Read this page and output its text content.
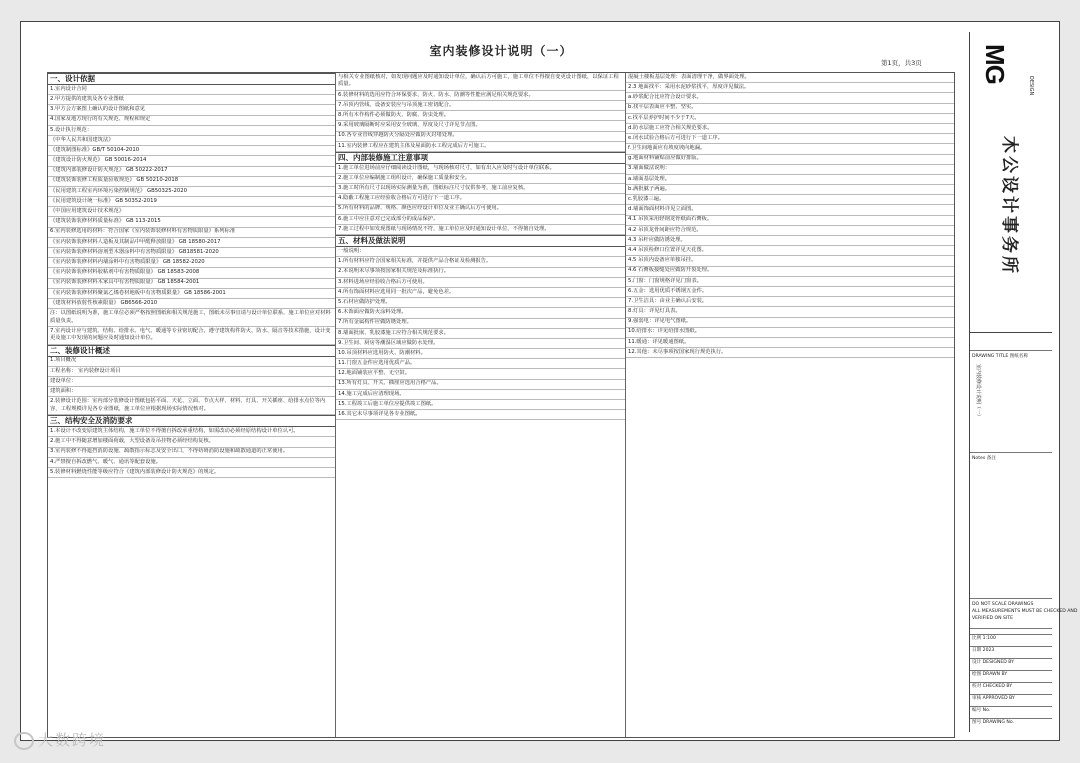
室内装修设计说明（一）
第1页，共3页
一、设计依据
1.室内设计合同
2.甲方提供的建筑及各专业图纸
3.甲方会方案图上确认的设计图纸和意见
4.国家及地方现行的有关规范、规程和规定
5.设计执行规范：
《中华人民共和国建筑法》
《建筑制图标准》GB/T 50104-2010
《建筑设计防火规范》 GB 50016-2014
《建筑内部装修设计防火规范》 GB 50222-2017
《建筑装饰装修工程质量验收规范》 GB 50210-2018
《民用建筑工程室内环境污染控制规范》 GB50325-2020
《民用建筑设计统一标准》 GB 50352-2019
《中国应用建筑设计技术规范》
《建筑装饰装修材料质量标准》 GB 113-2015
6.室内装修选用的材料：符合国家《室内装饰装修材料有害物质限量》系列标准
《室内装饰装修材料人造板及其制品中甲醛释放限量》 GB 18580-2017
《室内装饰装修材料溶剂型木器涂料中有害物质限量》 GB18581-2020
《室内装饰装修材料内墙涂料中有害物质限量》 GB 18582-2020
《室内装饰装修材料胶粘剂中有害物质限量》 GB 18583-2008
《室内装饰装修材料木家具中有害物质限量》 GB 18584-2001
《室内装饰装修材料聚氯乙烯卷材地板中有害物质限量》 GB 18586-2001
《建筑材料放射性核素限量》 GB6566-2010
注：以图纸说明为准，施工单位必须严格按照图纸和相关规范施工，图纸未尽事宜请与设计单位联系，施工单位应对材料质量负责。
7.室内设计应与建筑、结构、给排水、电气、暖通等专业密切配合，遵守建筑构件防火、防水、隔音等技术措施，设计变更及施工中发现的问题应及时通知设计单位。
二、装修设计概述
1.项目概况
工程名称： 室内装修设计项目
建设单位：
建筑面积：
2.装修设计范围：室内部分装修设计图纸包括平面、天花、立面、节点大样、材料、灯具、开关插座、给排水点位等内容，工程规模详见各专业图纸，施工单位应根据现场实际情况核对。
三、结构安全及消防要求
1.本设计不改变原建筑主体结构，施工单位不得擅自拆改承重结构，如需改动必须经原结构设计单位认可。
2.施工中不得随意增加楼面荷载，大型设备及吊挂物必须经结构复核。
3.室内装修不得遮挡消防设施、疏散指示标志及安全出口，不得妨碍消防设施和疏散通道的正常使用。
4.严禁擅自拆改燃气、暖气、通讯等配套设施。
5.装修材料燃烧性能等级应符合《建筑内部装修设计防火规范》的规定。
与相关专业图纸核对，如发现问题应及时通知设计单位，确认后方可施工，施工单位不得擅自变更设计图纸，以保证工程质量。
6.装修材料的选用应符合环保要求，防火、防水、防潮等性能应满足相关规范要求。
7.吊顶内管线、设备安装应与吊顶施工密切配合。
8.所有木作构件必须做防火、防腐、防虫处理。
9.采用玻璃隔断时应采用安全玻璃，厚度及尺寸详见节点图。
10.各专业管线穿越防火分隔处应做防火封堵处理。
11.室内装修工程应在建筑主体及屋面防水工程完成后方可施工。
四、内部装修施工注意事项
1.施工单位进场前应仔细阅读设计图纸，与现场核对尺寸，如有出入应及时与设计单位联系。
2.施工单位应编制施工组织设计，确保施工质量和安全。
3.施工时所有尺寸以现场实际测量为准，图纸标注尺寸仅供参考，施工前应复核。
4.隐蔽工程施工应经验收合格后方可进行下一道工序。
5.所有材料的品牌、规格、颜色应经设计单位及业主确认后方可使用。
6.施工中应注意对已完成部分的成品保护。
7.施工过程中如发现图纸与现场情况不符，施工单位应及时通知设计单位，不得擅自处理。
五、材料及做法说明
一般说明：
1.所有材料应符合国家相关标准，并提供产品合格证及检测报告。
2.本说明未尽事项按国家相关规范及标准执行。
3.材料进场应经验收合格后方可使用。
4.所有饰面材料应选用同一批次产品，避免色差。
5.石材应做防护处理。
6.木饰面应做防火涂料处理。
7.所有金属构件应做防锈处理。
8.墙面批嵌、乳胶漆施工应符合相关规范要求。
9.卫生间、厨房等潮湿区域应做防水处理。
10.吊顶材料应选用防火、防潮材料。
11.门窗五金件应选用优质产品。
12.地面铺装应平整、无空鼓。
13.所有灯具、开关、插座应选用合格产品。
14.施工完成后应清理现场。
15.工程竣工后施工单位应提供竣工图纸。
16.其它未尽事项详见各专业图纸。
混凝土楼板基层处理：表面清理干净，做界面处理。
2.3 地面找平：采用水泥砂浆找平，厚度详见做法。
a.砂浆配合比应符合设计要求。
b.找平层表面应平整、坚实。
c.找平层养护时间不少于7天。
d.防水层施工应符合相关规范要求。
e.闭水试验合格后方可进行下一道工序。
f.卫生间地面应有坡度坡向地漏。
g.地面材料铺贴前应做好排版。
3.墙面做法说明：
a.墙面基层处理。
b.满批腻子两遍。
c.乳胶漆三遍。
d.墙面饰面材料详见立面图。
4.1 吊顶采用轻钢龙骨纸面石膏板。
4.2 吊顶龙骨间距应符合规范。
4.3 吊杆应做防锈处理。
4.4 吊顶检修口位置详见天花图。
4.5 吊顶内设备应单独吊挂。
4.6 石膏板接缝处应做防开裂处理。
5.门窗：门窗规格详见门窗表。
6.五金：选用优质不锈钢五金件。
7.卫生洁具：由业主确认后安装。
8.灯具：详见灯具表。
9.强弱电：详见电气图纸。
10.给排水：详见给排水图纸。
11.暖通：详见暖通图纸。
12.其他：未尽事项按国家现行规范执行。
MG
DESIGN
木公设计事务所
DRAWING TITLE 图纸名称
室内装修设计说明（一）
Notes 备注
DO NOT SCALE DRAWINGS
ALL MEASUREMENTS MUST BE CHECKED AND
VERIFIED ON SITE
比例 1:100
日期 2023
设计 DESIGNED BY
绘图 DRAWN BY
校对 CHECKED BY
审核 APPROVED BY
编号 No.
图号 DRAWING No.
大数跨境
